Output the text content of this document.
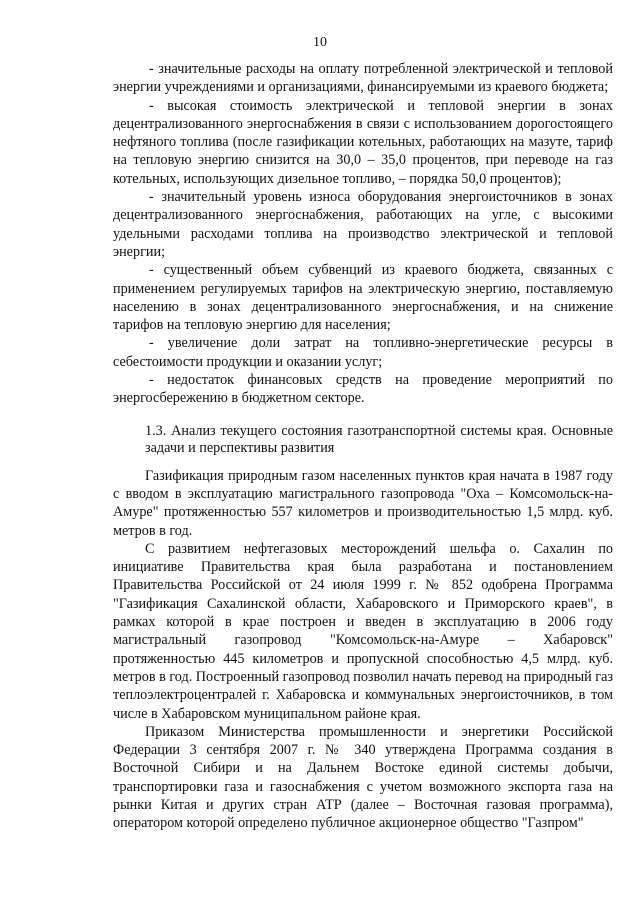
10

- значительные расходы на оплату потребленной электрической и тепловой энергии учреждениями и организациями, финансируемыми из краевого бюджета;

- высокая стоимость электрической и тепловой энергии в зонах децентрализованного энергоснабжения в связи с использованием дорогостоящего нефтяного топлива (после газификации котельных, работающих на мазуте, тариф на тепловую энергию снизится на 30,0 – 35,0 процентов, при переводе на газ котельных, использующих дизельное топливо, – порядка 50,0 процентов);

- значительный уровень износа оборудования энергоисточников в зонах децентрализованного энергоснабжения, работающих на угле, с высокими удельными расходами топлива на производство электрической и тепловой энергии;

- существенный объем субвенций из краевого бюджета, связанных с применением регулируемых тарифов на электрическую энергию, поставляемую населению в зонах децентрализованного энергоснабжения, и на снижение тарифов на тепловую энергию для населения;

- увеличение доли затрат на топливно-энергетические ресурсы в себестоимости продукции и оказании услуг;

- недостаток финансовых средств на проведение мероприятий по энергосбережению в бюджетном секторе.

1.3. Анализ текущего состояния газотранспортной системы края. Основные задачи и перспективы развития

Газификация природным газом населенных пунктов края начата в 1987 году с вводом в эксплуатацию магистрального газопровода "Оха – Комсомольск-на-Амуре" протяженностью 557 километров и производительностью 1,5 млрд. куб. метров в год.

С развитием нефтегазовых месторождений шельфа о. Сахалин по инициативе Правительства края была разработана и постановлением Правительства Российской от 24 июля 1999 г. № 852 одобрена Программа "Газификация Сахалинской области, Хабаровского и Приморского краев", в рамках которой в крае построен и введен в эксплуатацию в 2006 году магистральный газопровод "Комсомольск-на-Амуре – Хабаровск" протяженностью 445 километров и пропускной способностью 4,5 млрд. куб. метров в год. Построенный газопровод позволил начать перевод на природный газ теплоэлектроцентралей г. Хабаровска и коммунальных энергоисточников, в том числе в Хабаровском муниципальном районе края.

Приказом Министерства промышленности и энергетики Российской Федерации 3 сентября 2007 г. № 340 утверждена Программа создания в Восточной Сибири и на Дальнем Востоке единой системы добычи, транспортировки газа и газоснабжения с учетом возможного экспорта газа на рынки Китая и других стран АТР (далее – Восточная газовая программа), оператором которой определено публичное акционерное общество "Газпром"
